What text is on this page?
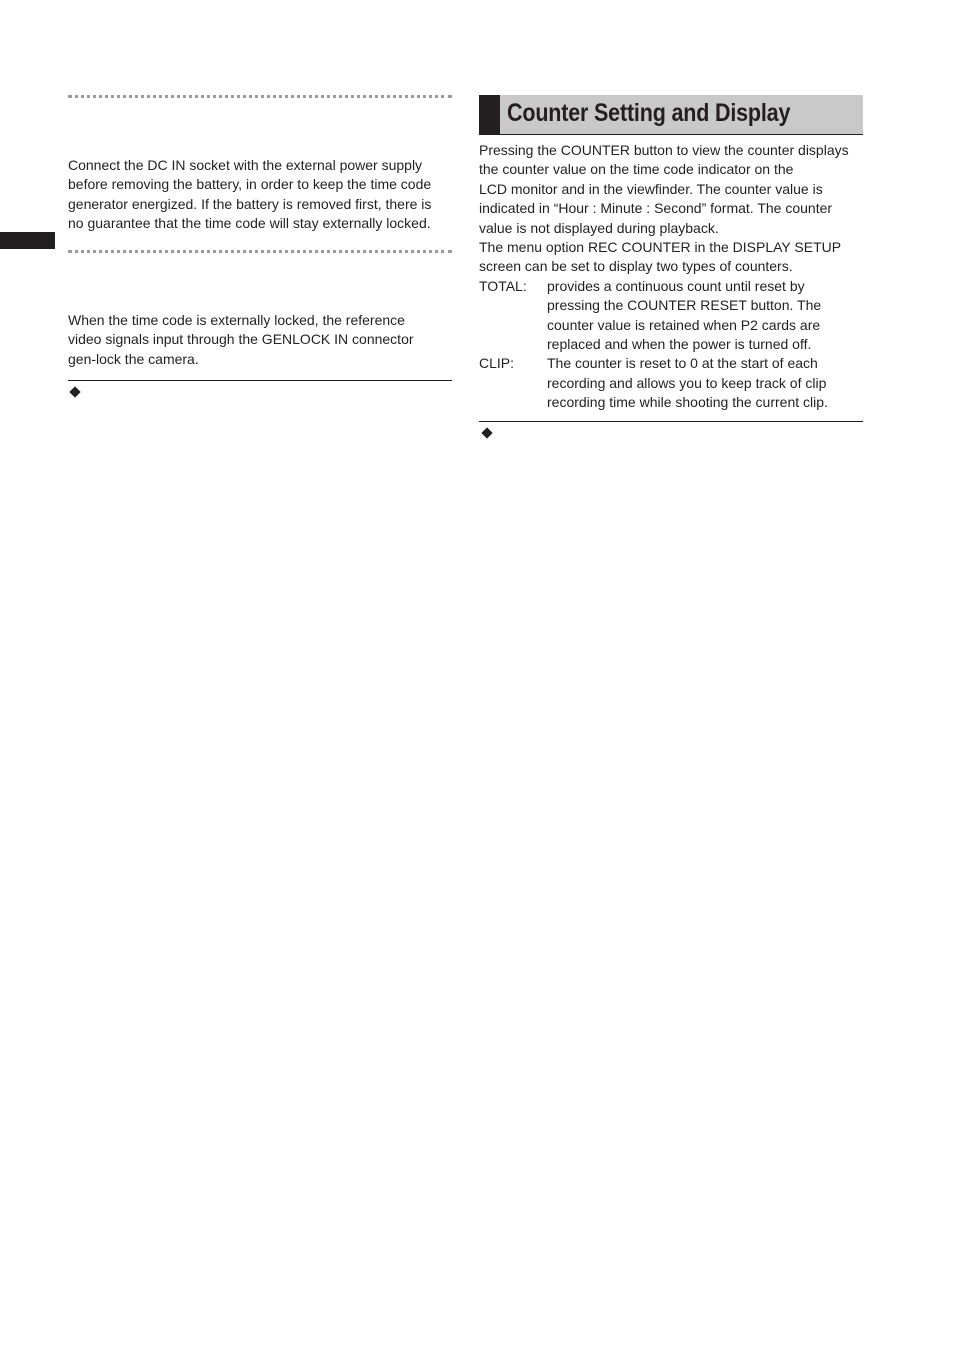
Connect the DC IN socket with the external power supply
before removing the battery, in order to keep the time code
generator energized. If the battery is removed first, there is
no guarantee that the time code will stay externally locked.
When the time code is externally locked, the reference
video signals input through the GENLOCK IN connector
gen-lock the camera.
Counter Setting and Display
Pressing the COUNTER button to view the counter displays
the counter value on the time code indicator on the
LCD monitor and in the viewfinder. The counter value is
indicated in “Hour : Minute : Second” format. The counter
value is not displayed during playback.
The menu option REC COUNTER in the DISPLAY SETUP
screen can be set to display two types of counters.
TOTAL: provides a continuous count until reset by
pressing the COUNTER RESET button. The
counter value is retained when P2 cards are
replaced and when the power is turned off.
CLIP: The counter is reset to 0 at the start of each
recording and allows you to keep track of clip
recording time while shooting the current clip.
